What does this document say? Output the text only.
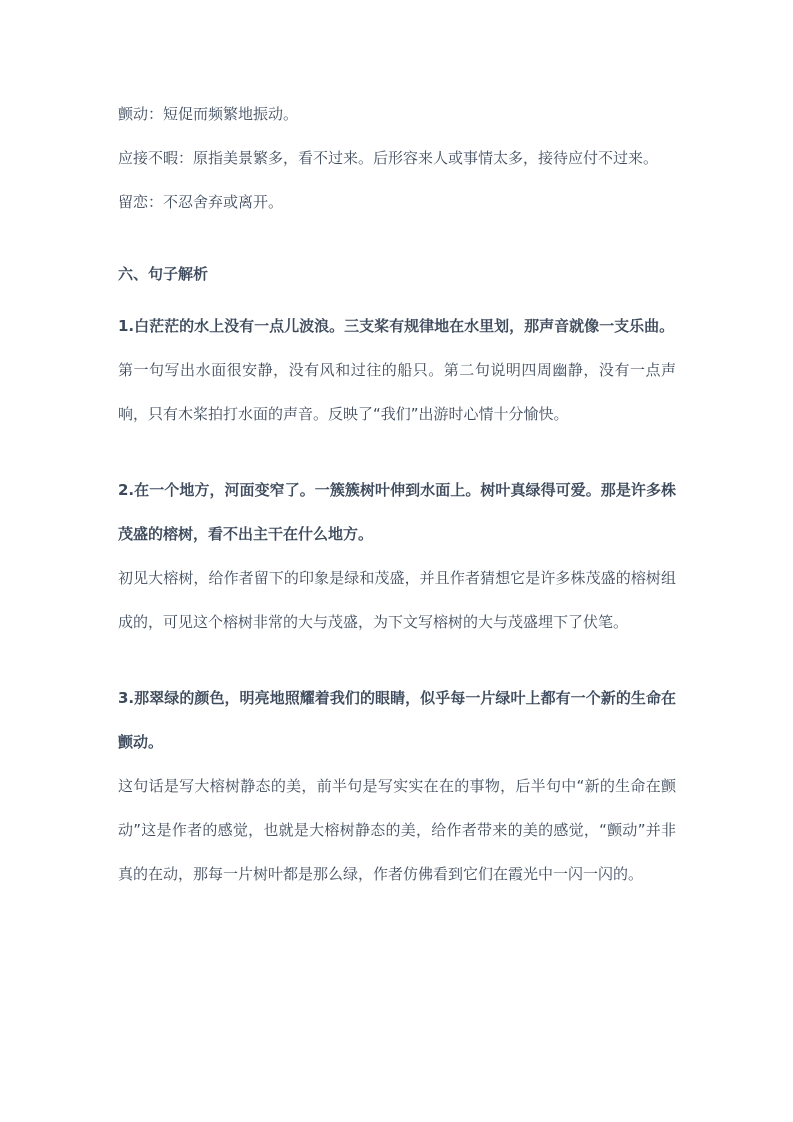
颤动：短促而频繁地振动。

应接不暇：原指美景繁多，看不过来。后形容来人或事情太多，接待应付不过来。

留恋：不忍舍弃或离开。

六、句子解析

1.白茫茫的水上没有一点儿波浪。三支桨有规律地在水里划，那声音就像一支乐曲。

第一句写出水面很安静，没有风和过往的船只。第二句说明四周幽静，没有一点声响，只有木桨拍打水面的声音。反映了“我们”出游时心情十分愉快。

2.在一个地方，河面变窄了。一簇簇树叶伸到水面上。树叶真绿得可爱。那是许多株茂盛的榕树，看不出主干在什么地方。

初见大榕树，给作者留下的印象是绿和茂盛，并且作者猜想它是许多株茂盛的榕树组成的，可见这个榕树非常的大与茂盛，为下文写榕树的大与茂盛埋下了伏笔。

3.那翠绿的颜色，明亮地照耀着我们的眼睛，似乎每一片绿叶上都有一个新的生命在颤动。

这句话是写大榕树静态的美，前半句是写实实在在的事物，后半句中“新的生命在颤动”这是作者的感觉，也就是大榕树静态的美，给作者带来的美的感觉，“颤动”并非真的在动，那每一片树叶都是那么绿，作者仿佛看到它们在霞光中一闪一闪的。
